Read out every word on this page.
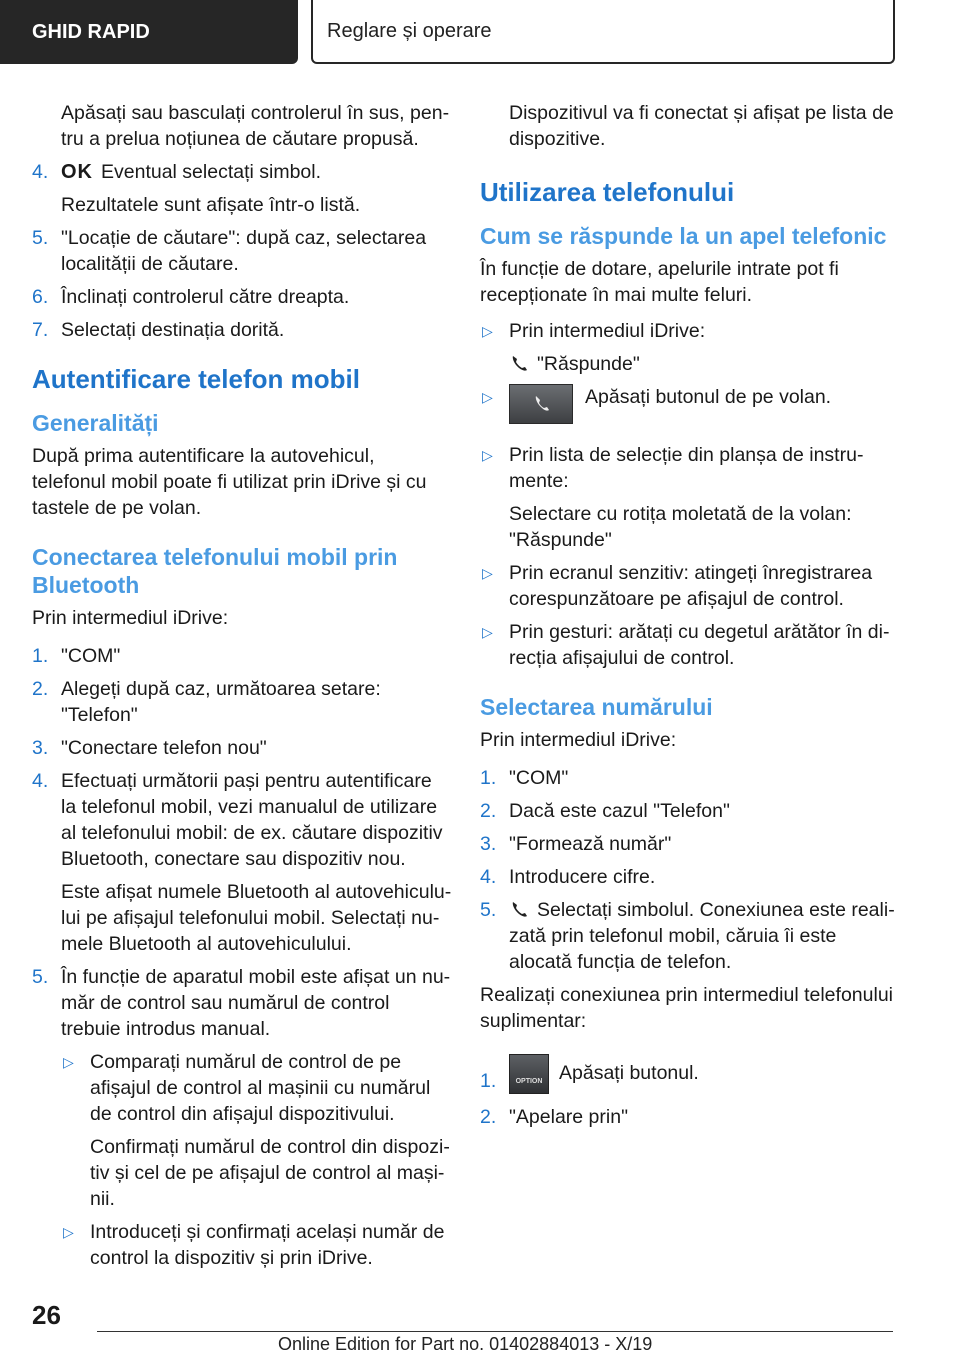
GHID RAPID	Reglare și operare

Apăsați sau basculați controlerul în sus, pentru a prelua noțiunea de căutare propusă.

4. OK Eventual selectați simbol.

Rezultatele sunt afișate într-o listă.

5. "Locație de căutare": după caz, selectarea localității de căutare.
6. Înclinați controlerul către dreapta.
7. Selectați destinația dorită.
Autentificare telefon mobil
Generalități

După prima autentificare la autovehicul, telefonul mobil poate fi utilizat prin iDrive și cu tastele de pe volan.

Conectarea telefonului mobil prin Bluetooth

Prin intermediul iDrive:

1. "COM"
2. Alegeți după caz, următoarea setare: "Telefon"
3. "Conectare telefon nou"
4. Efectuați următorii pași pentru autentificare la telefonul mobil, vezi manualul de utilizare al telefonului mobil: de ex. căutare dispozitiv Bluetooth, conectare sau dispozitiv nou.

Este afișat numele Bluetooth al autovehiculului pe afișajul telefonului mobil. Selectați numele Bluetooth al autovehiculului.

5. În funcție de aparatul mobil este afișat un număr de control sau numărul de control trebuie introdus manual.
▷ Comparați numărul de control de pe afișajul de control al mașinii cu numărul de control din afișajul dispozitivului.

Confirmați numărul de control din dispozitiv și cel de pe afișajul de control al mașinii.

▷ Introduceți și confirmați același număr de control la dispozitiv și prin iDrive.

Dispozitivul va fi conectat și afișat pe lista de dispozitive.

Utilizarea telefonului
Cum se răspunde la un apel telefonic

În funcție de dotare, apelurile intrate pot fi recepționate în mai multe feluri.

▷ Prin intermediul iDrive:

"Răspunde"

▷	Apăsați butonul de pe volan.
▷ Prin lista de selecție din planșa de instrumente:

Selectare cu rotița moletată de la volan: "Răspunde"

▷ Prin ecranul senzitiv: atingeți înregistrarea corespunzătoare pe afișajul de control.
▷ Prin gesturi: arătați cu degetul arătător în direcția afișajului de control.
Selectarea numărului

Prin intermediul iDrive:

1. "COM"
2. Dacă este cazul "Telefon"
3. "Formează număr"
4. Introducere cifre.
5. Selectați simbolul. Conexiunea este realizată prin telefonul mobil, căruia îi este alocată funcția de telefon.

Realizați conexiunea prin intermediul telefonului suplimentar:

1.	OPTION Apăsați butonul.
2. "Apelare prin"
26
Online Edition for Part no. 01402884013 - X/19
